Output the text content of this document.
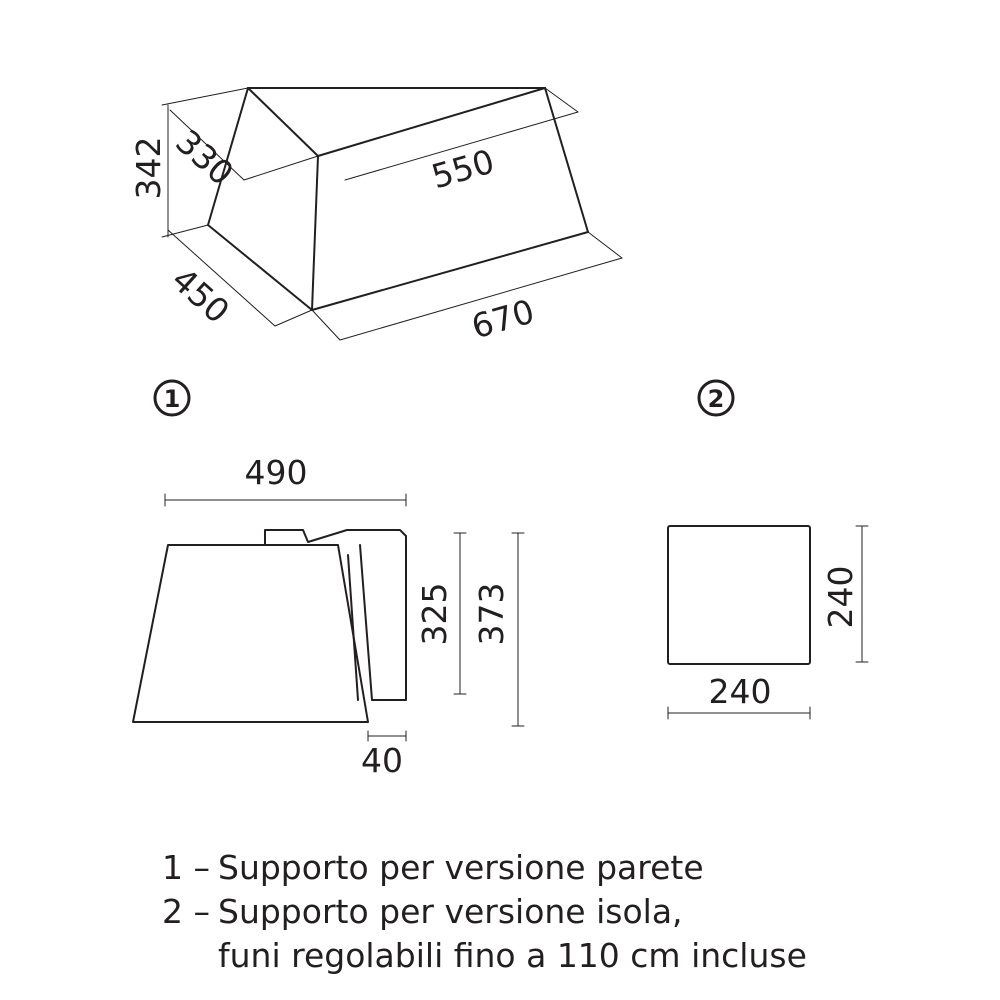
342 330	550
450	670
1	2
490
325 373
40
240
240
1 – Supporto per versione parete
2 – Supporto per versione isola,
funi regolabili fino a 110 cm incluse
